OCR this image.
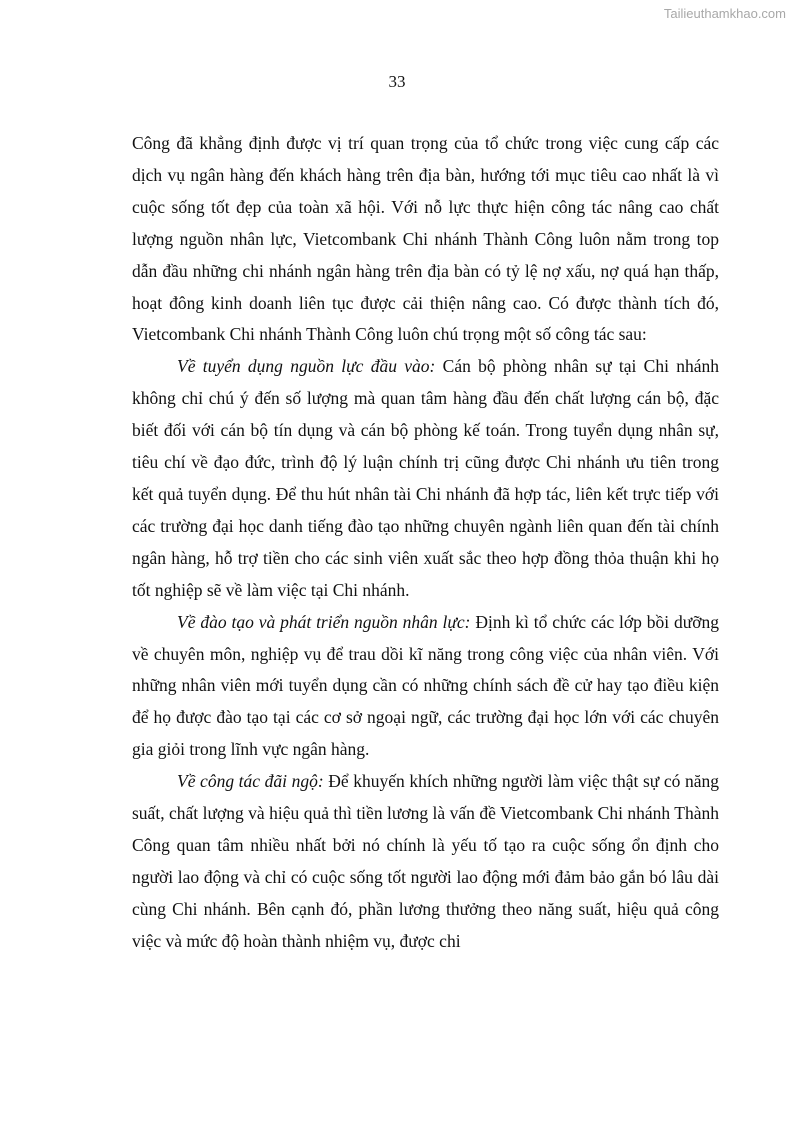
Tailieuthamkhao.com
33

Công đã khẳng định được vị trí quan trọng của tổ chức trong việc cung cấp các dịch vụ ngân hàng đến khách hàng trên địa bàn, hướng tới mục tiêu cao nhất là vì cuộc sống tốt đẹp của toàn xã hội. Với nỗ lực thực hiện công tác nâng cao chất lượng nguồn nhân lực, Vietcombank Chi nhánh Thành Công luôn nằm trong top dẫn đầu những chi nhánh ngân hàng trên địa bàn có tỷ lệ nợ xấu, nợ quá hạn thấp, hoạt đông kinh doanh liên tục được cải thiện nâng cao. Có được thành tích đó, Vietcombank Chi nhánh Thành Công luôn chú trọng một số công tác sau:

Về tuyển dụng nguồn lực đầu vào: Cán bộ phòng nhân sự tại Chi nhánh không chỉ chú ý đến số lượng mà quan tâm hàng đầu đến chất lượng cán bộ, đặc biết đối với cán bộ tín dụng và cán bộ phòng kế toán. Trong tuyển dụng nhân sự, tiêu chí về đạo đức, trình độ lý luận chính trị cũng được Chi nhánh ưu tiên trong kết quả tuyển dụng. Để thu hút nhân tài Chi nhánh đã hợp tác, liên kết trực tiếp với các trường đại học danh tiếng đào tạo những chuyên ngành liên quan đến tài chính ngân hàng, hỗ trợ tiền cho các sinh viên xuất sắc theo hợp đồng thỏa thuận khi họ tốt nghiệp sẽ về làm việc tại Chi nhánh.

Về đào tạo và phát triển nguồn nhân lực: Định kì tổ chức các lớp bồi dưỡng về chuyên môn, nghiệp vụ để trau dồi kĩ năng trong công việc của nhân viên. Với những nhân viên mới tuyển dụng cần có những chính sách đề cử hay tạo điều kiện để họ được đào tạo tại các cơ sở ngoại ngữ, các trường đại học lớn với các chuyên gia giỏi trong lĩnh vực ngân hàng.

Về công tác đãi ngộ: Để khuyến khích những người làm việc thật sự có năng suất, chất lượng và hiệu quả thì tiền lương là vấn đề Vietcombank Chi nhánh Thành Công quan tâm nhiều nhất bởi nó chính là yếu tố tạo ra cuộc sống ổn định cho người lao động và chỉ có cuộc sống tốt người lao động mới đảm bảo gắn bó lâu dài cùng Chi nhánh. Bên cạnh đó, phần lương thưởng theo năng suất, hiệu quả công việc và mức độ hoàn thành nhiệm vụ, được chi
